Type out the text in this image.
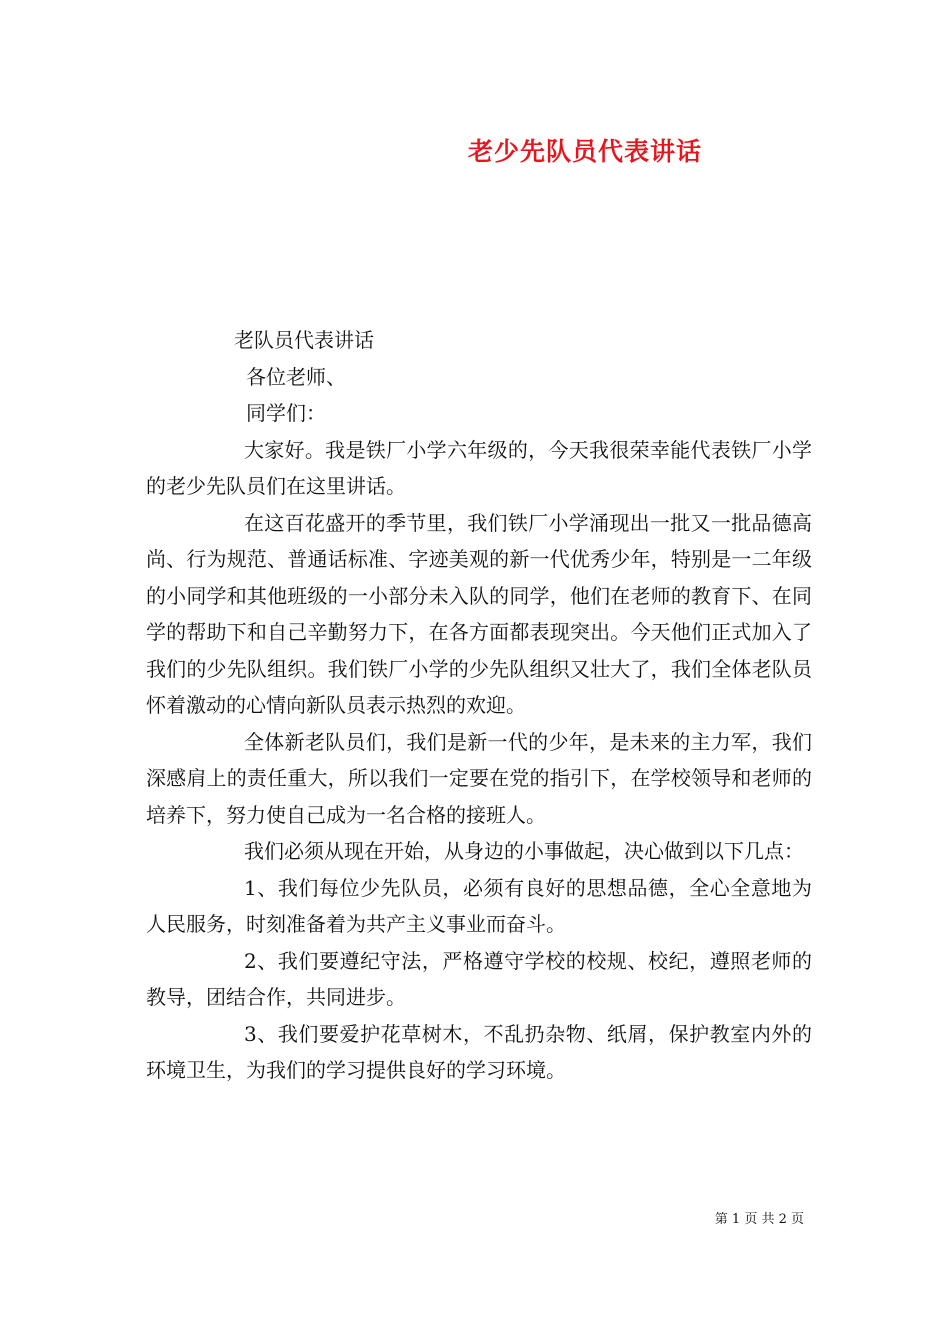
老少先队员代表讲话

老队员代表讲话

各位老师、

同学们：

大家好。我是铁厂小学六年级的，今天我很荣幸能代表铁厂小学的老少先队员们在这里讲话。

在这百花盛开的季节里，我们铁厂小学涌现出一批又一批品德高尚、行为规范、普通话标准、字迹美观的新一代优秀少年，特别是一二年级的小同学和其他班级的一小部分未入队的同学，他们在老师的教育下、在同学的帮助下和自己辛勤努力下，在各方面都表现突出。今天他们正式加入了我们的少先队组织。我们铁厂小学的少先队组织又壮大了，我们全体老队员怀着激动的心情向新队员表示热烈的欢迎。

全体新老队员们，我们是新一代的少年，是未来的主力军，我们深感肩上的责任重大，所以我们一定要在党的指引下，在学校领导和老师的培养下，努力使自己成为一名合格的接班人。

我们必须从现在开始，从身边的小事做起，决心做到以下几点：

1、我们每位少先队员，必须有良好的思想品德，全心全意地为人民服务，时刻准备着为共产主义事业而奋斗。

2、我们要遵纪守法，严格遵守学校的校规、校纪，遵照老师的教导，团结合作，共同进步。

3、我们要爱护花草树木，不乱扔杂物、纸屑，保护教室内外的环境卫生，为我们的学习提供良好的学习环境。

第 1 页 共 2 页
